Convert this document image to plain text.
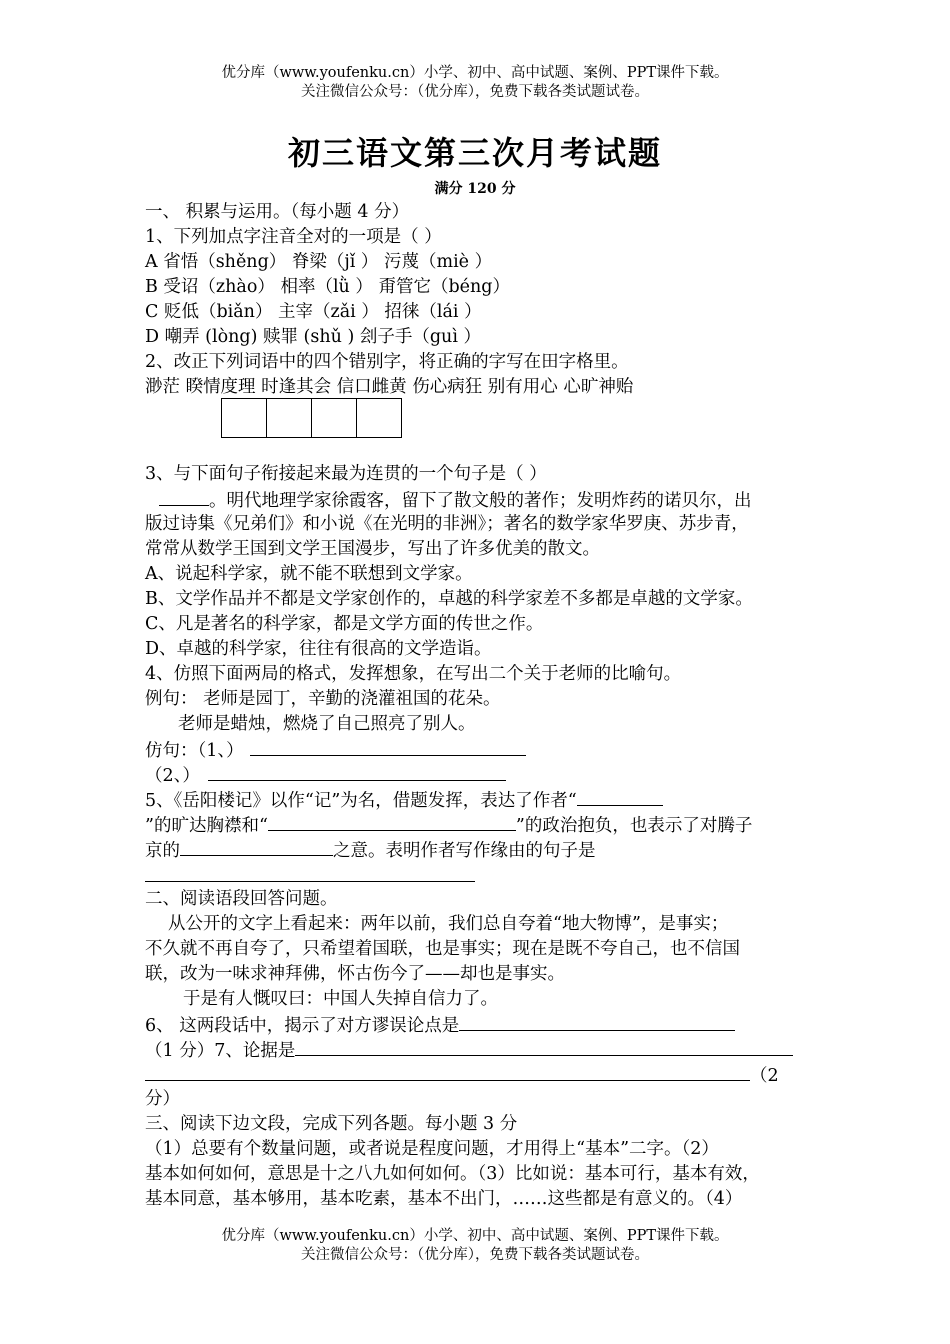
优分库（www.youfenku.cn）小学、初中、高中试题、案例、PPT课件下载。
关注微信公众号：（优分库），免费下载各类试题试卷。
初三语文第三次月考试题
满分 120 分
一、 积累与运用。（每小题 4 分）
1、下列加点字注音全对的一项是（ ）
A 省悟（shěng） 脊梁（jǐ ） 污蔑（miè ）
B 受诏（zhào） 相率（lǜ ） 甭管它（béng）
C 贬低（biǎn） 主宰（zǎi ） 招徕（lái ）
D 嘲弄 (lòng) 赎罪 (shǔ ) 刽子手（guì ）
2、改正下列词语中的四个错别字，将正确的字写在田字格里。
渺茫 睽情度理 时逢其会 信口雌黄 伤心病狂 别有用心 心旷神贻
3、与下面句子衔接起来最为连贯的一个句子是（ ）
。明代地理学家徐霞客，留下了散文般的著作；发明炸药的诺贝尔，出
版过诗集《兄弟们》和小说《在光明的非洲》；著名的数学家华罗庚、苏步青，
常常从数学王国到文学王国漫步，写出了许多优美的散文。
A、说起科学家，就不能不联想到文学家。
B、文学作品并不都是文学家创作的，卓越的科学家差不多都是卓越的文学家。
C、凡是著名的科学家，都是文学方面的传世之作。
D、卓越的科学家，往往有很高的文学造诣。
4、仿照下面两局的格式，发挥想象，在写出二个关于老师的比喻句。
例句： 老师是园丁，辛勤的浇灌祖国的花朵。
老师是蜡烛，燃烧了自己照亮了别人。
仿句：（1、）
（2、）
5、《岳阳楼记》以作“记”为名，借题发挥，表达了作者“
”的旷达胸襟和“	”的政治抱负，也表示了对腾子
京的	之意。表明作者写作缘由的句子是
二、阅读语段回答问题。
从公开的文字上看起来：两年以前，我们总自夸着“地大物博”，是事实；
不久就不再自夸了，只希望着国联，也是事实；现在是既不夸自己，也不信国
联，改为一味求神拜佛，怀古伤今了——却也是事实。
于是有人慨叹曰：中国人失掉自信力了。
6、 这两段话中，揭示了对方谬误论点是
（1 分）7、论据是
（2
分）
三、阅读下边文段，完成下列各题。每小题 3 分
（1）总要有个数量问题，或者说是程度问题，才用得上“基本”二字。（2）
基本如何如何，意思是十之八九如何如何。（3）比如说：基本可行，基本有效，
基本同意，基本够用，基本吃素，基本不出门，……这些都是有意义的。（4）
优分库（www.youfenku.cn）小学、初中、高中试题、案例、PPT课件下载。
关注微信公众号：（优分库），免费下载各类试题试卷。
